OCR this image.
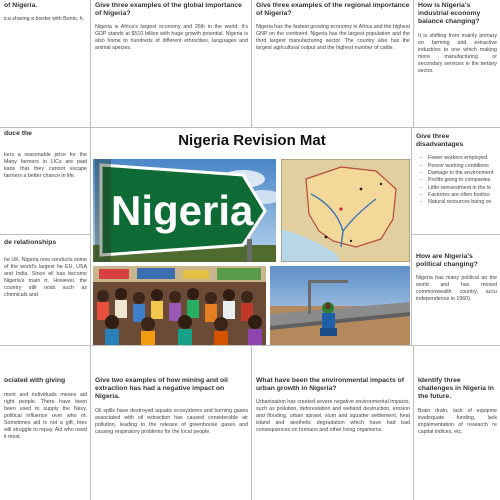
of Nigeria.
ica sharing a border with Benin, h.
Give three examples of the global importance of Nigeria?
Nigeria is Africa's largest economy and 26th in the world. It's GDP stands at $510 billion with huge growth potential. Nigeria is also home to hundreds of different ethnicities, languages and animal species.
Give three examples of the regional importance of Nigeria?
Nigeria has the fastest growing economy in Africa and the highest GNP on the continent. Nigeria has the largest population and the third largest manufacturing sector. The country also has the largest agricultural output and the highest number of cattle.
How is Nigeria's industrial economy balance changing?
It is shifting from mainly primary on farming and extractive industries to one which making more manufacturing or secondary services in the tertiary sector.
duce the
kers a reasonable price for the Many farmers in LICs are paid kans that they cannot escape farmers a better chance in life.
de relationships
he UK, Nigeria now conducts some of the world's largest he EU, USA and India. Since ell has become Nigeria's main rt. However, the country still oods such as chemicals and
Give three disadvantages
- Fewer workers employed
- Poorer working conditions
- Damage to the environment
- Profits going to companies
- Little reinvestment in the lo
- Factories are often footloo
- Natural resources being ov
How are Nigeria's political changing?
Nigeria has many political an the world and has moved commonwealth country, accu independence in 1960).
Nigeria Revision Mat
Nigeria
ociated with giving
ment and individuals means aid right people. There have been been used to supply the Navy. political influence over who nt. Sometimes aid is not a gift, tries will struggle to repay. Aid who need it most.
Give two examples of how mining and oil extraction has had a negative impact on Nigeria.
Oil spills have destroyed aquatic ecosystems and burning gases associated with oil extraction has caused considerable air pollution, leading to the release of greenhouse gases and causing respiratory problems for the local people.
What have been the environmental impacts of urban growth in Nigeria?
Urbanisation has created severe negative environmental impacts, such as pollution, deforestation and wetland destruction, erosion and flooding, urban sprawl, slum and squatter settlement, heat island and aesthetic degradation which have had bad consequences on humans and other living organisms.
Identify three challenges in Nigeria in the future.
Brain drain, lack of equipme inadequate funding, lack implementation of research re capital indices, etc.
